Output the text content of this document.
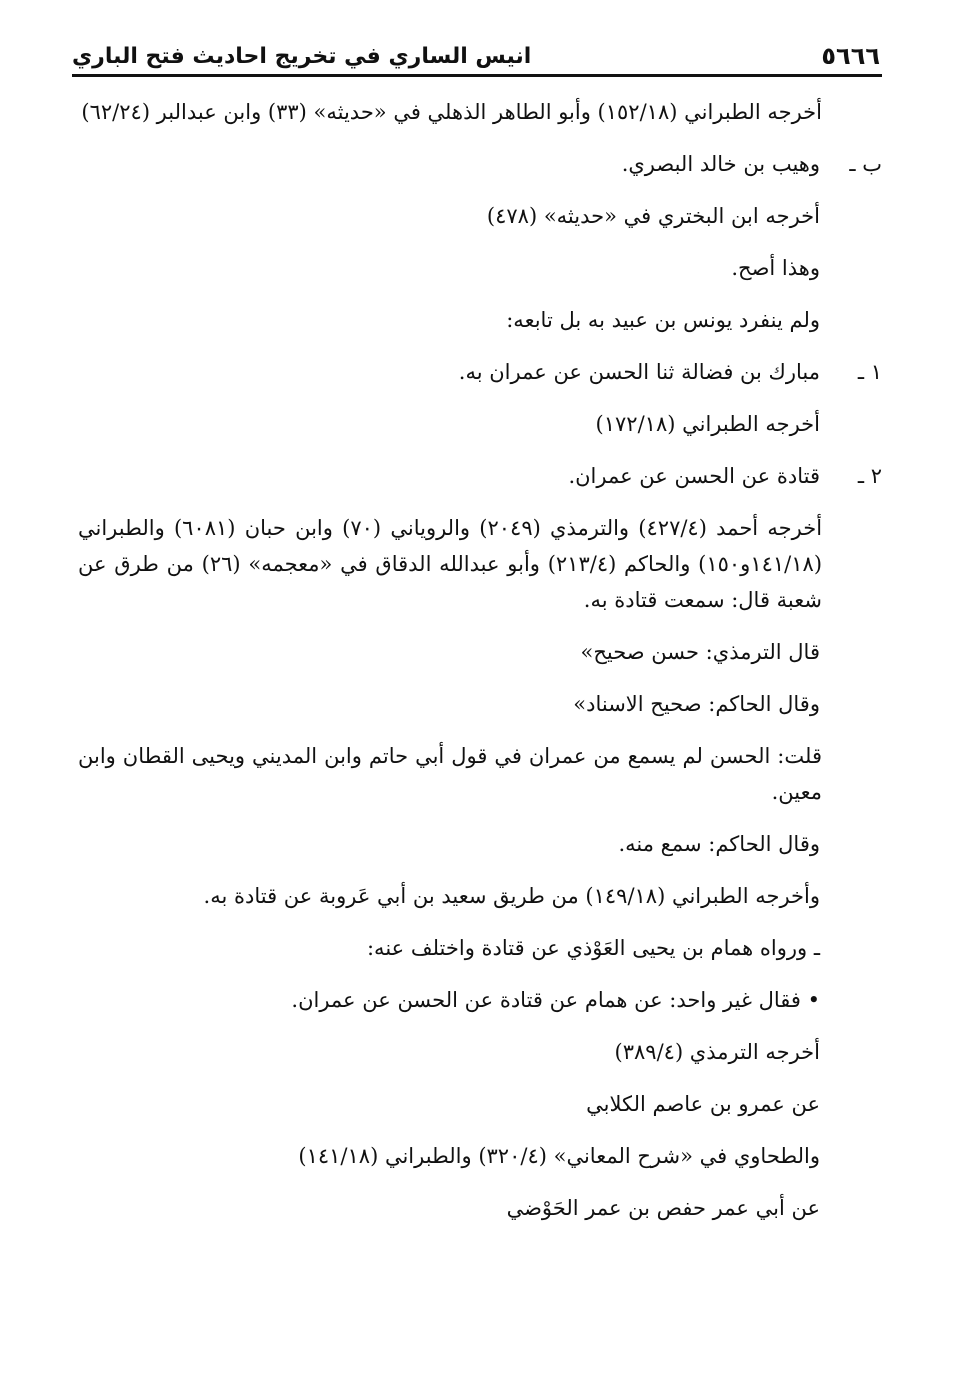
٥٦٦٦
انيس الساري في تخريج احاديث فتح الباري

أخرجه الطبراني (١٥٢/١٨) وأبو الطاهر الذهلي في «حديثه» (٣٣) وابن عبدالبر (٦٢/٢٤)

ب ـ
وهيب بن خالد البصري.

أخرجه ابن البختري في «حديثه» (٤٧٨)

وهذا أصح.

ولم ينفرد يونس بن عبيد به بل تابعه:

١ ـ
مبارك بن فضالة ثنا الحسن عن عمران به.

أخرجه الطبراني (١٧٢/١٨)

٢ ـ
قتادة عن الحسن عن عمران.

أخرجه أحمد (٤٢٧/٤) والترمذي (٢٠٤٩) والروياني (٧٠) وابن حبان (٦٠٨١) والطبراني (١٤١/١٨و١٥٠) والحاكم (٢١٣/٤) وأبو عبدالله الدقاق في «معجمه» (٢٦) من طرق عن شعبة قال: سمعت قتادة به.

قال الترمذي: حسن صحيح»

وقال الحاكم: صحيح الاسناد»

قلت: الحسن لم يسمع من عمران في قول أبي حاتم وابن المديني ويحيى القطان وابن معين.

وقال الحاكم: سمع منه.

وأخرجه الطبراني (١٤٩/١٨) من طريق سعيد بن أبي عَروبة عن قتادة به.

ـ ورواه همام بن يحيى العَوْذي عن قتادة واختلف عنه:

• فقال غير واحد: عن همام عن قتادة عن الحسن عن عمران.

أخرجه الترمذي (٣٨٩/٤)

عن عمرو بن عاصم الكلابي

والطحاوي في «شرح المعاني» (٣٢٠/٤) والطبراني (١٤١/١٨)

عن أبي عمر حفص بن عمر الحَوْضي
